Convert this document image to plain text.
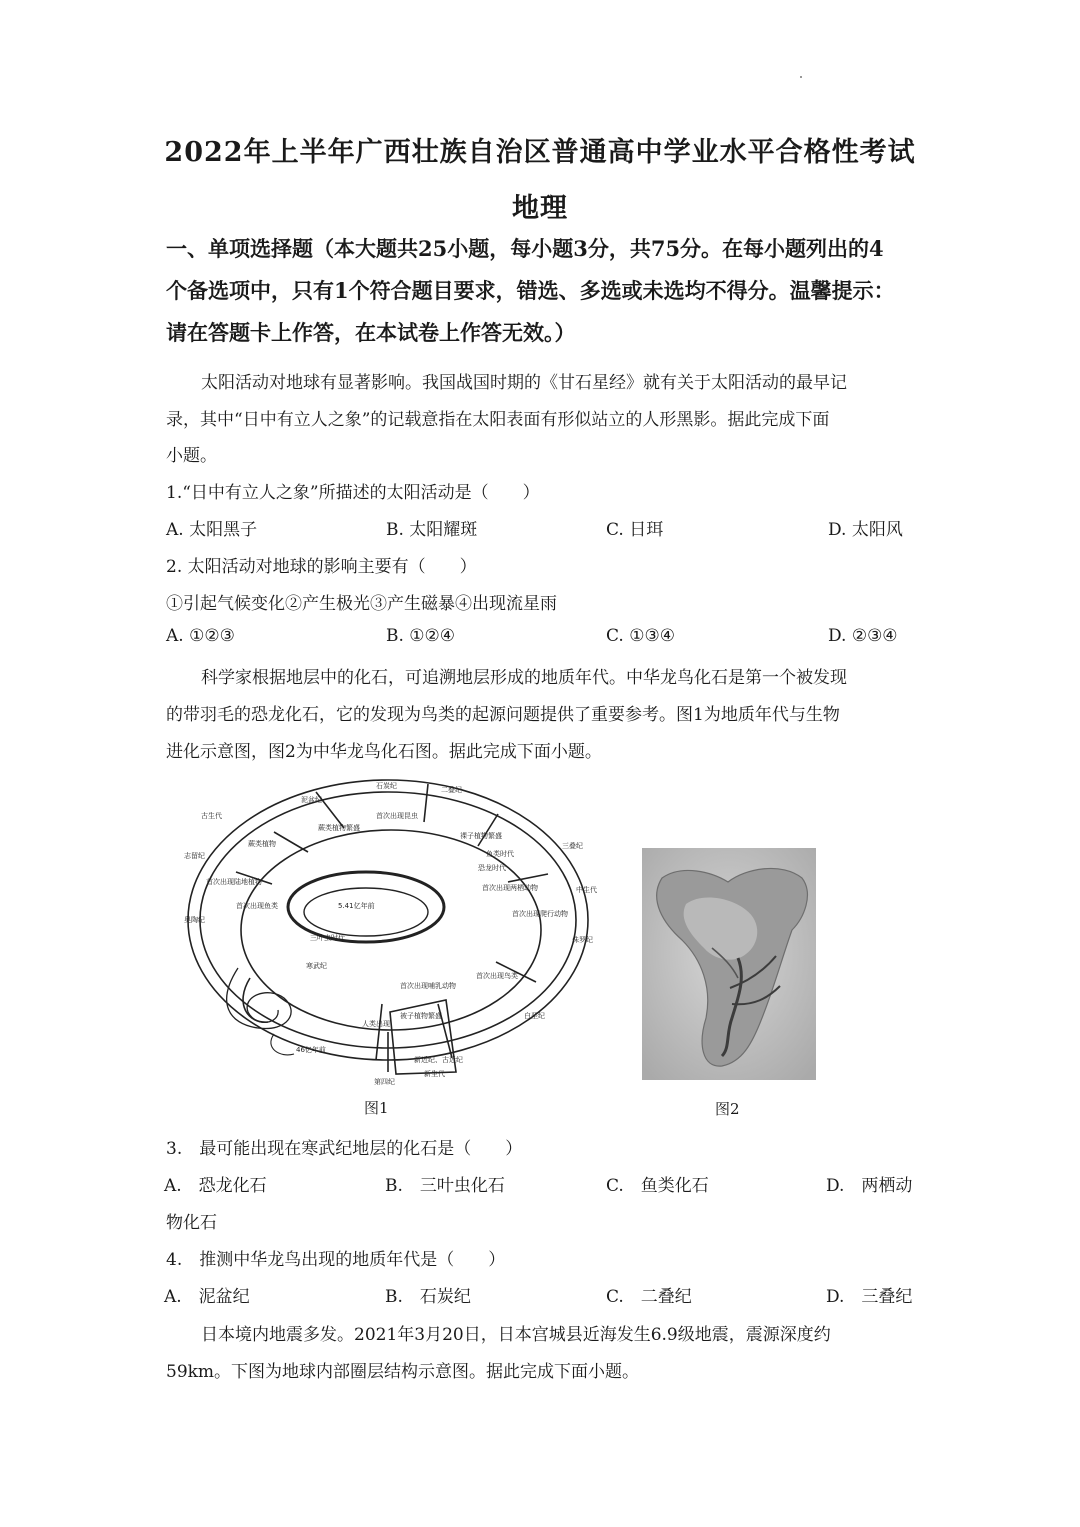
2022年上半年广西壮族自治区普通高中学业水平合格性考试
地理
一、单项选择题（本大题共25小题，每小题3分，共75分。在每小题列出的4
个备选项中，只有1个符合题目要求，错选、多选或未选均不得分。温馨提示：
请在答题卡上作答，在本试卷上作答无效。）
太阳活动对地球有显著影响。我国战国时期的《甘石星经》就有关于太阳活动的最早记
录，其中“日中有立人之象”的记载意指在太阳表面有形似站立的人形黑影。据此完成下面
小题。
1.“日中有立人之象”所描述的太阳活动是（　　）
A. 太阳黑子	B. 太阳耀斑	C. 日珥	D. 太阳风
2. 太阳活动对地球的影响主要有（　　）
①引起气候变化②产生极光③产生磁暴④出现流星雨
A. ①②③	B. ①②④	C. ①③④	D. ②③④
科学家根据地层中的化石，可追溯地层形成的地质年代。中华龙鸟化石是第一个被发现
的带羽毛的恐龙化石，它的发现为鸟类的起源问题提供了重要参考。图1为地质年代与生物
进化示意图，图2为中华龙鸟化石图。据此完成下面小题。
石炭纪	二叠纪
泥盆纪
古生代
志留纪
奥陶纪
寒武纪
三叠纪
中生代
侏罗纪
白垩纪
新近纪、古近纪
新生代
第四纪
5.41亿年前
46亿年前
三叶虫时代
鱼类时代
恐龙时代
首次出现陆地植物
首次出现鱼类
首次出现两栖动物
蕨类植物
首次出现爬行动物
裸子植物繁盛
首次出现哺乳动物
首次出现鸟类
被子植物繁盛
人类出现
蕨类植物繁盛
首次出现昆虫
图1	图2
3.　最可能出现在寒武纪地层的化石是（　　）
A.　恐龙化石	B.　三叶虫化石	C.　鱼类化石	D.　两栖动
物化石
4.　推测中华龙鸟出现的地质年代是（　　）
A.　泥盆纪	B.　石炭纪	C.　二叠纪	D.　三叠纪
日本境内地震多发。2021年3月20日，日本宫城县近海发生6.9级地震，震源深度约
59km。下图为地球内部圈层结构示意图。据此完成下面小题。
